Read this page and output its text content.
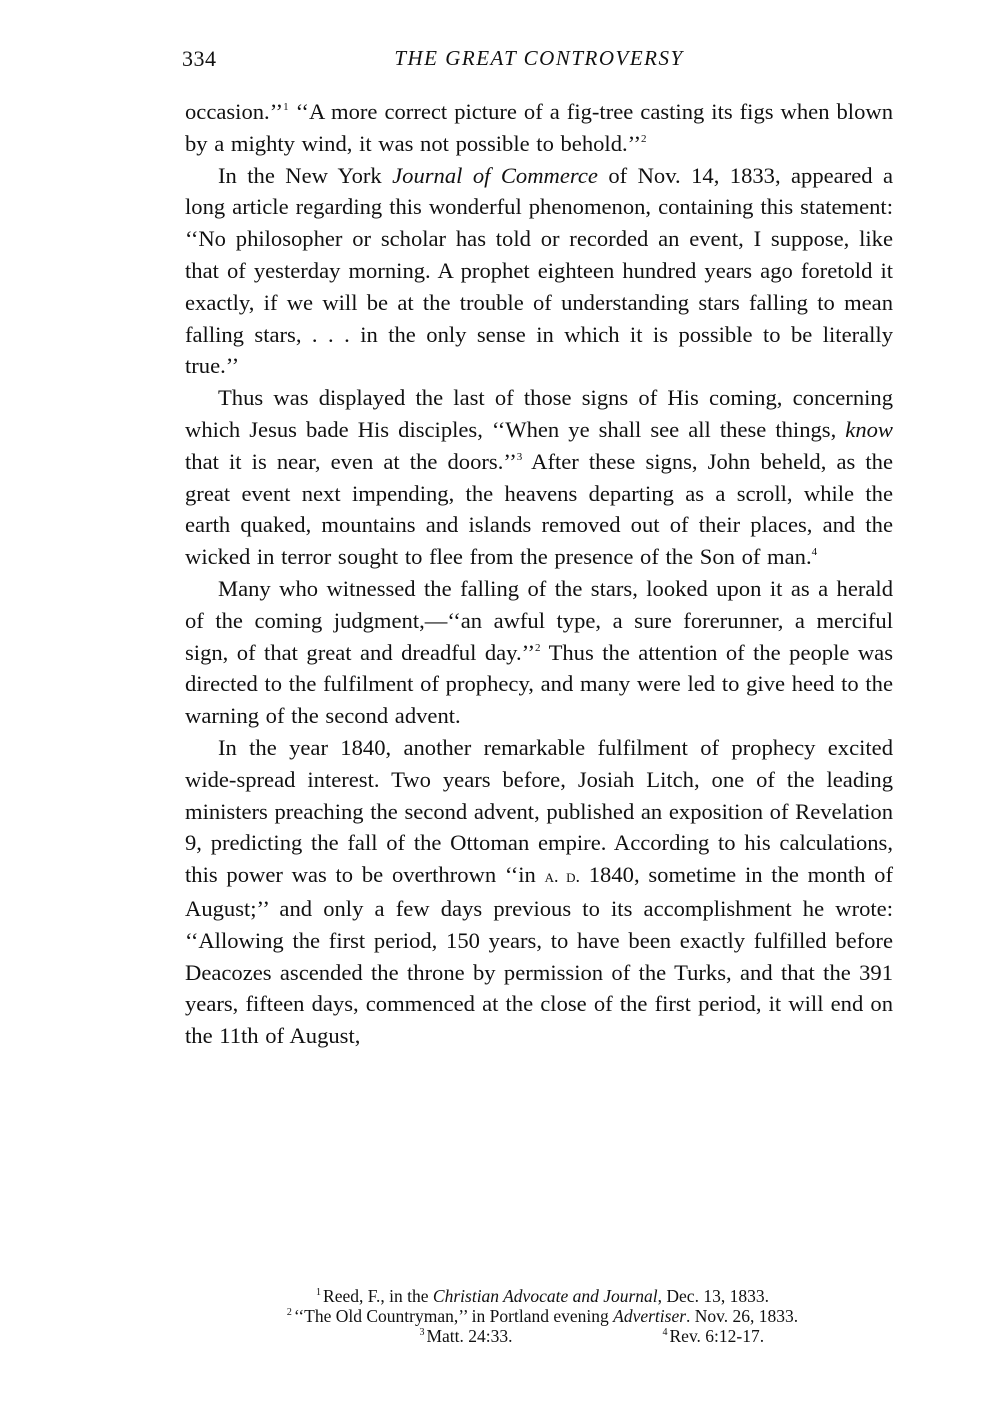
334	THE GREAT CONTROVERSY

occasion.’’$^1$ ‘‘A more correct picture of a fig-tree casting its figs when blown by a mighty wind, it was not possible to behold.’’$^2$

In the New York Journal of Commerce of Nov. 14, 1833, appeared a long article regarding this wonderful phenomenon, containing this statement: ‘‘No philosopher or scholar has told or recorded an event, I suppose, like that of yesterday morning. A prophet eighteen hundred years ago foretold it exactly, if we will be at the trouble of understanding stars falling to mean falling stars, . . . in the only sense in which it is possible to be literally true.’’

Thus was displayed the last of those signs of His coming, concerning which Jesus bade His disciples, ‘‘When ye shall see all these things, know that it is near, even at the doors.’’$^3$ After these signs, John beheld, as the great event next impending, the heavens departing as a scroll, while the earth quaked, mountains and islands removed out of their places, and the wicked in terror sought to flee from the presence of the Son of man.$^4$

Many who witnessed the falling of the stars, looked upon it as a herald of the coming judgment,—‘‘an awful type, a sure forerunner, a merciful sign, of that great and dreadful day.’’$^2$ Thus the attention of the people was directed to the fulfilment of prophecy, and many were led to give heed to the warning of the second advent.

In the year 1840, another remarkable fulfilment of prophecy excited wide-spread interest. Two years before, Josiah Litch, one of the leading ministers preaching the second advent, published an exposition of Revelation 9, predicting the fall of the Ottoman empire. According to his calculations, this power was to be overthrown ‘‘in a. d. 1840, sometime in the month of August;’’ and only a few days previous to its accomplishment he wrote: ‘‘Allowing the first period, 150 years, to have been exactly fulfilled before Deacozes ascended the throne by permission of the Turks, and that the 391 years, fifteen days, commenced at the close of the first period, it will end on the 11th of August,

$^1$ Reed, F., in the Christian Advocate and Journal, Dec. 13, 1833.
$^2$ ‘‘The Old Countryman,’’ in Portland evening Advertiser. Nov. 26, 1833.
$^3$ Matt. 24:33.	$^4$ Rev. 6:12-17.
